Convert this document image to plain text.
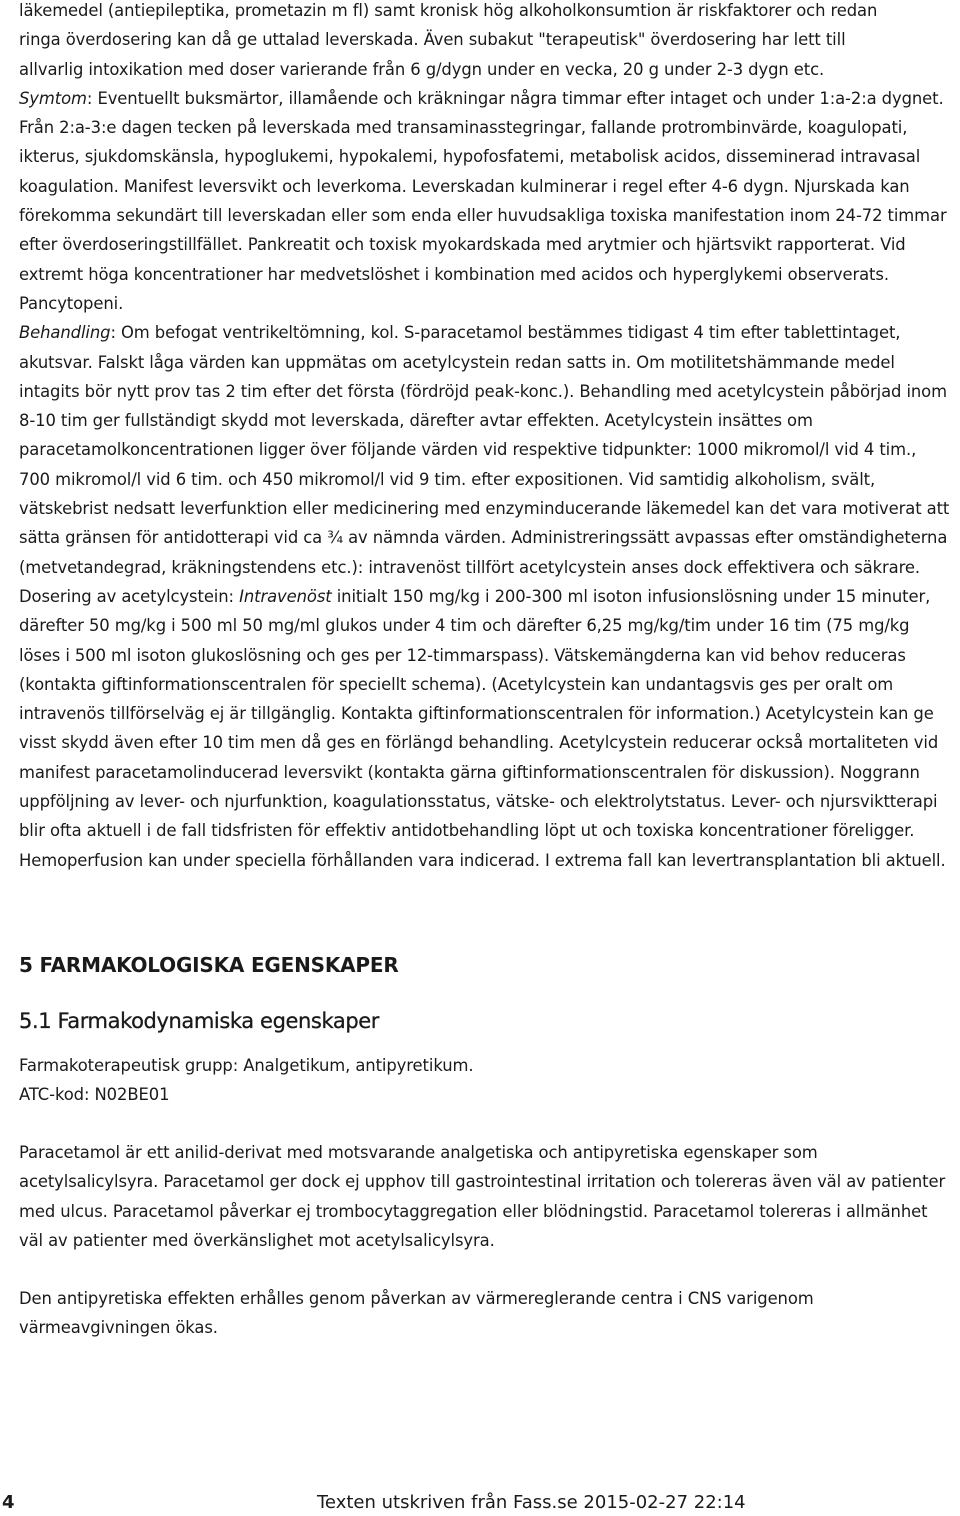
läkemedel (antiepileptika, prometazin m fl) samt kronisk hög alkoholkonsumtion är riskfaktorer och redan

ringa överdosering kan då ge uttalad leverskada. Även subakut "terapeutisk" överdosering har lett till

allvarlig intoxikation med doser varierande från 6 g/dygn under en vecka, 20 g under 2-3 dygn etc.

Symtom: Eventuellt buksmärtor, illamående och kräkningar några timmar efter intaget och under 1:a-2:a dygnet. Från 2:a-3:e dagen tecken på leverskada med transaminasstegringar, fallande protrombinvärde, koagulopati, ikterus, sjukdomskänsla, hypoglukemi, hypokalemi, hypofosfatemi, metabolisk acidos, disseminerad intravasal koagulation. Manifest leversvikt och leverkoma. Leverskadan kulminerar i regel efter 4-6 dygn. Njurskada kan förekomma sekundärt till leverskadan eller som enda eller huvudsakliga toxiska manifestation inom 24-72 timmar efter överdoseringstillfället. Pankreatit och toxisk myokardskada med arytmier och hjärtsvikt rapporterat. Vid extremt höga koncentrationer har medvetslöshet i kombination med acidos och hyperglykemi observerats. Pancytopeni.

Behandling: Om befogat ventrikeltömning, kol. S-paracetamol bestämmes tidigast 4 tim efter tablettintaget, akutsvar. Falskt låga värden kan uppmätas om acetylcystein redan satts in. Om motilitetshämmande medel intagits bör nytt prov tas 2 tim efter det första (fördröjd peak-konc.). Behandling med acetylcystein påbörjad inom 8-10 tim ger fullständigt skydd mot leverskada, därefter avtar effekten. Acetylcystein insättes om paracetamolkoncentrationen ligger över följande värden vid respektive tidpunkter: 1000 mikromol/l vid 4 tim., 700 mikromol/l vid 6 tim. och 450 mikromol/l vid 9 tim. efter expositionen. Vid samtidig alkoholism, svält, vätskebrist nedsatt leverfunktion eller medicinering med enzyminducerande läkemedel kan det vara motiverat att sätta gränsen för antidotterapi vid ca ¾ av nämnda värden. Administreringssätt avpassas efter omständigheterna (metvetandegrad, kräkningstendens etc.): intravenöst tillfört acetylcystein anses dock effektivera och säkrare. Dosering av acetylcystein: Intravenöst initialt 150 mg/kg i 200-300 ml isoton infusionslösning under 15 minuter, därefter 50 mg/kg i 500 ml 50 mg/ml glukos under 4 tim och därefter 6,25 mg/kg/tim under 16 tim (75 mg/kg löses i 500 ml isoton glukoslösning och ges per 12-timmarspass). Vätskemängderna kan vid behov reduceras (kontakta giftinformationscentralen för speciellt schema). (Acetylcystein kan undantagsvis ges per oralt om intravenös tillförselväg ej är tillgänglig. Kontakta giftinformationscentralen för information.) Acetylcystein kan ge visst skydd även efter 10 tim men då ges en förlängd behandling. Acetylcystein reducerar också mortaliteten vid manifest paracetamolinducerad leversvikt (kontakta gärna giftinformationscentralen för diskussion). Noggrann uppföljning av lever- och njurfunktion, koagulationsstatus, vätske- och elektrolytstatus. Lever- och njursviktterapi blir ofta aktuell i de fall tidsfristen för effektiv antidotbehandling löpt ut och toxiska koncentrationer föreligger. Hemoperfusion kan under speciella förhållanden vara indicerad. I extrema fall kan levertransplantation bli aktuell.

5 FARMAKOLOGISKA EGENSKAPER
5.1 Farmakodynamiska egenskaper

Farmakoterapeutisk grupp: Analgetikum, antipyretikum.

ATC-kod: N02BE01

Paracetamol är ett anilid-derivat med motsvarande analgetiska och antipyretiska egenskaper som acetylsalicylsyra. Paracetamol ger dock ej upphov till gastrointestinal irritation och tolereras även väl av patienter med ulcus. Paracetamol påverkar ej trombocytaggregation eller blödningstid. Paracetamol tolereras i allmänhet väl av patienter med överkänslighet mot acetylsalicylsyra.

Den antipyretiska effekten erhålles genom påverkan av värmereglerande centra i CNS varigenom värmeavgivningen ökas.

4	Texten utskriven från Fass.se 2015-02-27 22:14
